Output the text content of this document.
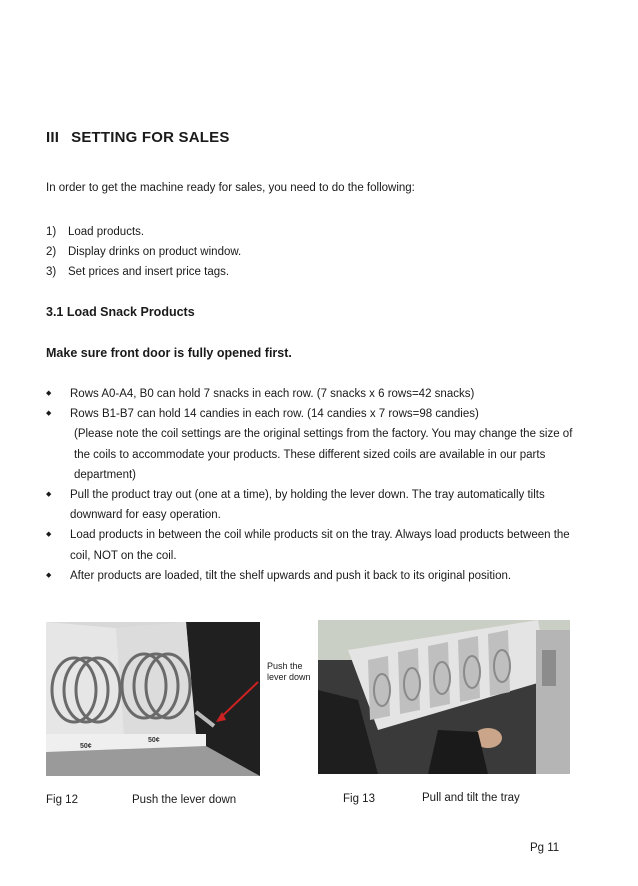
III SETTING FOR SALES
In order to get the machine ready for sales, you need to do the following:
1) Load products.
2) Display drinks on product window.
3) Set prices and insert price tags.
3.1 Load Snack Products
Make sure front door is fully opened first.
◆ Rows A0-A4, B0 can hold 7 snacks in each row. (7 snacks x 6 rows=42 snacks)
◆ Rows B1-B7 can hold 14 candies in each row. (14 candies x 7 rows=98 candies)
(Please note the coil settings are the original settings from the factory. You may change the size of the coils to accommodate your products. These different sized coils are available in our parts department)
◆ Pull the product tray out (one at a time), by holding the lever down. The tray automatically tilts downward for easy operation.
◆ Load products in between the coil while products sit on the tray. Always load products between the coil, NOT on the coil.
◆ After products are loaded, tilt the shelf upwards and push it back to its original position.
50¢
50¢
Push the
lever down
Fig 12	Push the lever down	Fig 13	Pull and tilt the tray
Pg 11
